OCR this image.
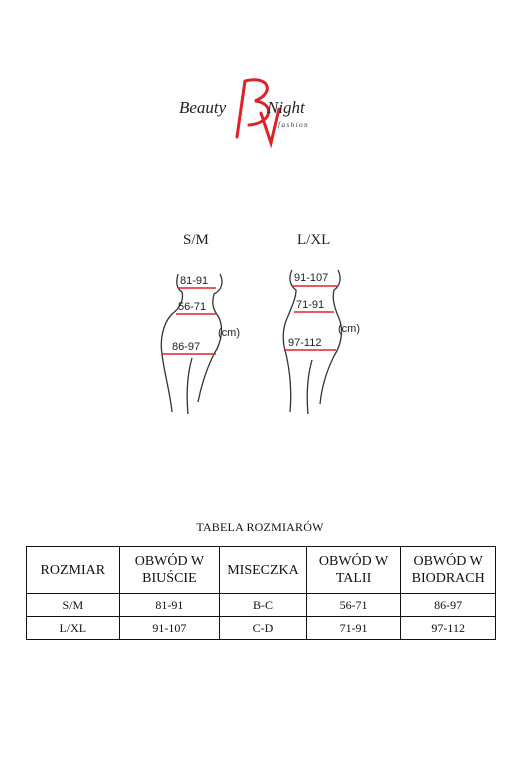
Beauty Night
fashion
S/M	L/XL
81-91
56-71
86-97
(cm)
91-107
71-91
97-112
(cm)
TABELA ROZMIARÓW
ROZMIAR	OBWÓD W BIUŚCIE	MISECZKA	OBWÓD W TALII	OBWÓD W BIODRACH
S/M	81-91	B-C	56-71	86-97
L/XL	91-107	C-D	71-91	97-112
